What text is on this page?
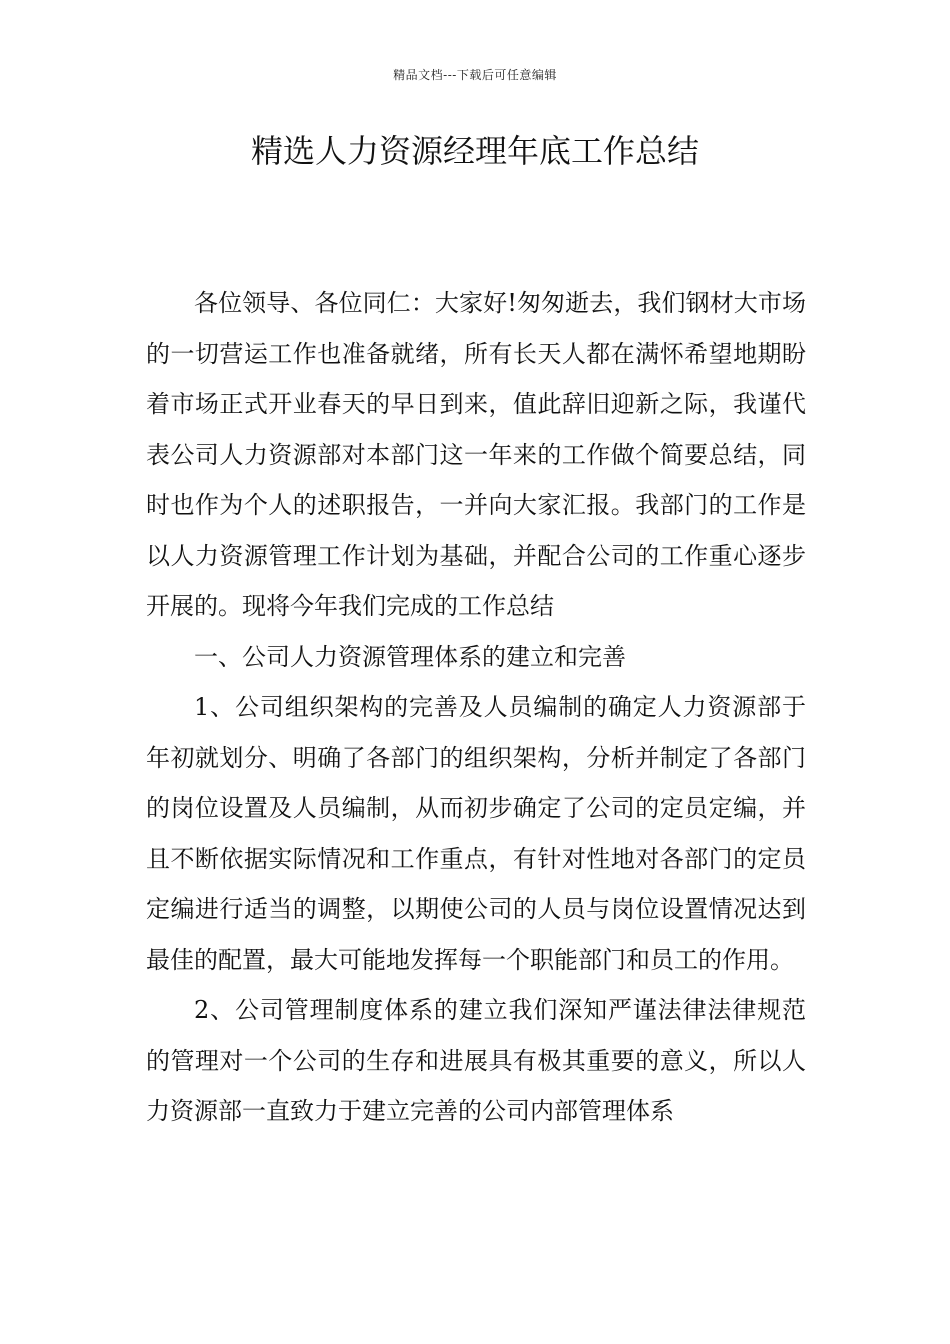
精品文档---下载后可任意编辑
精选人力资源经理年底工作总结

各位领导、各位同仁：大家好!匆匆逝去，我们钢材大市场的一切营运工作也准备就绪，所有长天人都在满怀希望地期盼着市场正式开业春天的早日到来，值此辞旧迎新之际，我谨代表公司人力资源部对本部门这一年来的工作做个简要总结，同时也作为个人的述职报告，一并向大家汇报。我部门的工作是以人力资源管理工作计划为基础，并配合公司的工作重心逐步开展的。现将今年我们完成的工作总结

一、公司人力资源管理体系的建立和完善

1、公司组织架构的完善及人员编制的确定人力资源部于年初就划分、明确了各部门的组织架构，分析并制定了各部门的岗位设置及人员编制，从而初步确定了公司的定员定编，并且不断依据实际情况和工作重点，有针对性地对各部门的定员定编进行适当的调整，以期使公司的人员与岗位设置情况达到最佳的配置，最大可能地发挥每一个职能部门和员工的作用。

2、公司管理制度体系的建立我们深知严谨法律法律规范的管理对一个公司的生存和进展具有极其重要的意义，所以人力资源部一直致力于建立完善的公司内部管理体系
